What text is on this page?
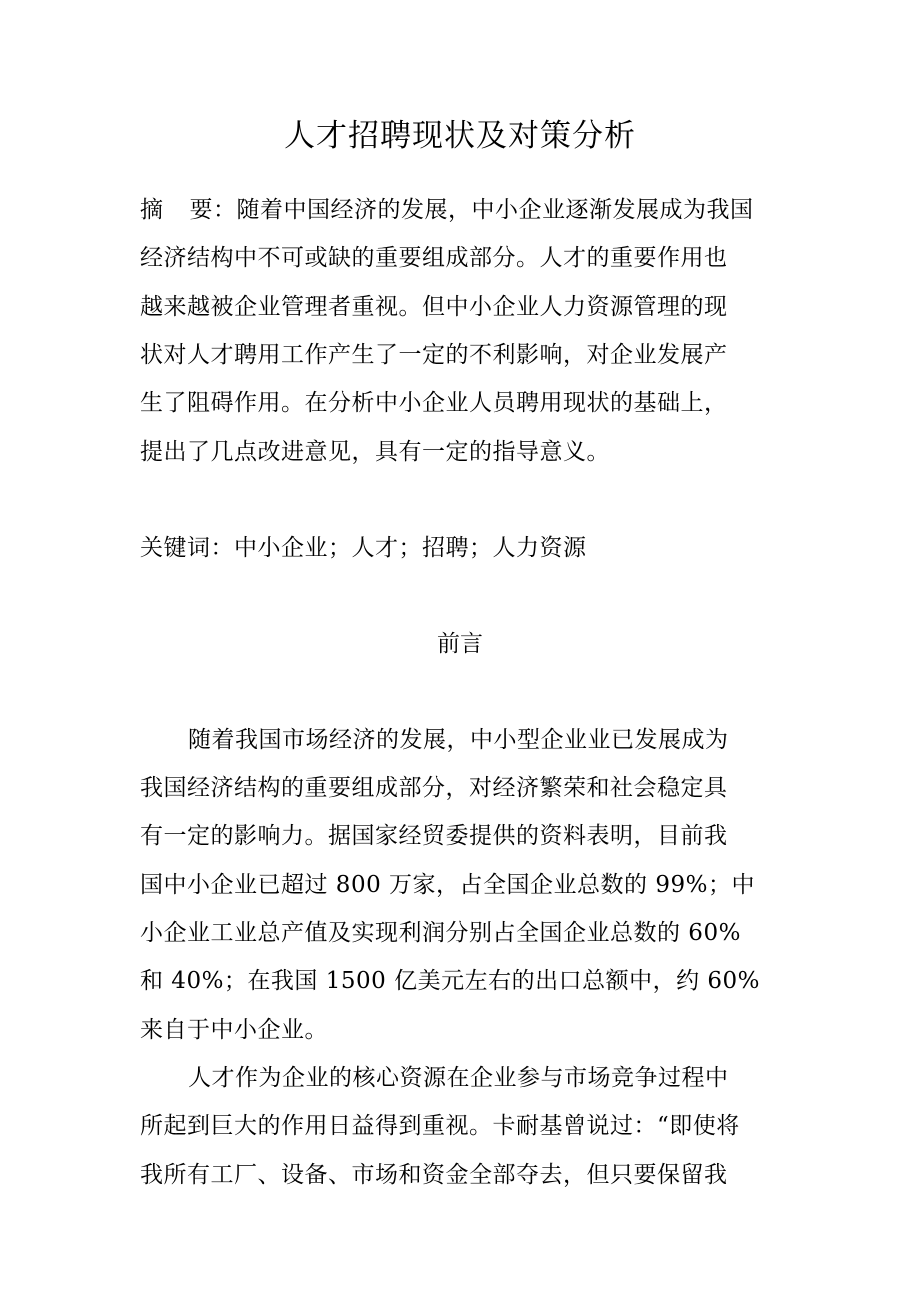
人才招聘现状及对策分析
摘 要：随着中国经济的发展，中小企业逐渐发展成为我国
经济结构中不可或缺的重要组成部分。人才的重要作用也
越来越被企业管理者重视。但中小企业人力资源管理的现
状对人才聘用工作产生了一定的不利影响，对企业发展产
生了阻碍作用。在分析中小企业人员聘用现状的基础上，
提出了几点改进意见，具有一定的指导意义。
关键词：中小企业；人才；招聘；人力资源
前言
随着我国市场经济的发展，中小型企业业已发展成为
我国经济结构的重要组成部分，对经济繁荣和社会稳定具
有一定的影响力。据国家经贸委提供的资料表明，目前我
国中小企业已超过 800 万家，占全国企业总数的 99%；中
小企业工业总产值及实现利润分别占全国企业总数的 60%
和 40%；在我国 1500 亿美元左右的出口总额中，约 60%
来自于中小企业。
人才作为企业的核心资源在企业参与市场竞争过程中
所起到巨大的作用日益得到重视。卡耐基曾说过：“即使将
我所有工厂、设备、市场和资金全部夺去，但只要保留我
